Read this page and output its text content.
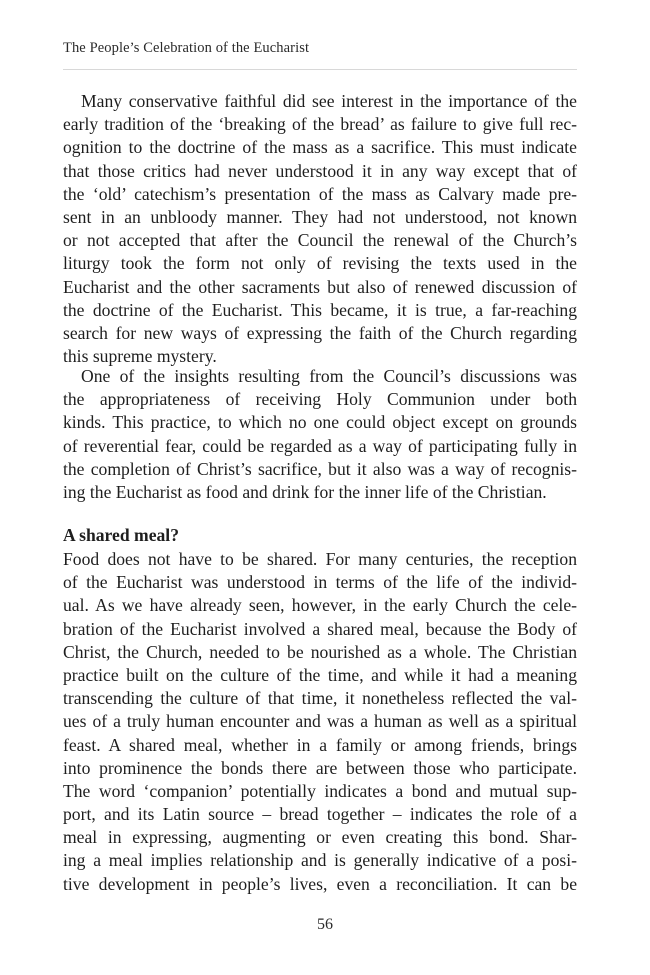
The People’s Celebration of the Eucharist
Many conservative faithful did see interest in the importance of the
early tradition of the ‘breaking of the bread’ as failure to give full rec-
ognition to the doctrine of the mass as a sacrifice. This must indicate
that those critics had never understood it in any way except that of
the ‘old’ catechism’s presentation of the mass as Calvary made pre-
sent in an unbloody manner. They had not understood, not known
or not accepted that after the Council the renewal of the Church’s
liturgy took the form not only of revising the texts used in the
Eucharist and the other sacraments but also of renewed discussion of
the doctrine of the Eucharist. This became, it is true, a far-reaching
search for new ways of expressing the faith of the Church regarding
this supreme mystery.
One of the insights resulting from the Council’s discussions was
the appropriateness of receiving Holy Communion under both
kinds. This practice, to which no one could object except on grounds
of reverential fear, could be regarded as a way of participating fully in
the completion of Christ’s sacrifice, but it also was a way of recognis-
ing the Eucharist as food and drink for the inner life of the Christian.
A shared meal?
Food does not have to be shared. For many centuries, the reception
of the Eucharist was understood in terms of the life of the individ-
ual. As we have already seen, however, in the early Church the cele-
bration of the Eucharist involved a shared meal, because the Body of
Christ, the Church, needed to be nourished as a whole. The Christian
practice built on the culture of the time, and while it had a meaning
transcending the culture of that time, it nonetheless reflected the val-
ues of a truly human encounter and was a human as well as a spiritual
feast. A shared meal, whether in a family or among friends, brings
into prominence the bonds there are between those who participate.
The word ‘companion’ potentially indicates a bond and mutual sup-
port, and its Latin source – bread together – indicates the role of a
meal in expressing, augmenting or even creating this bond. Shar-
ing a meal implies relationship and is generally indicative of a posi-
tive development in people’s lives, even a reconciliation. It can be
56
